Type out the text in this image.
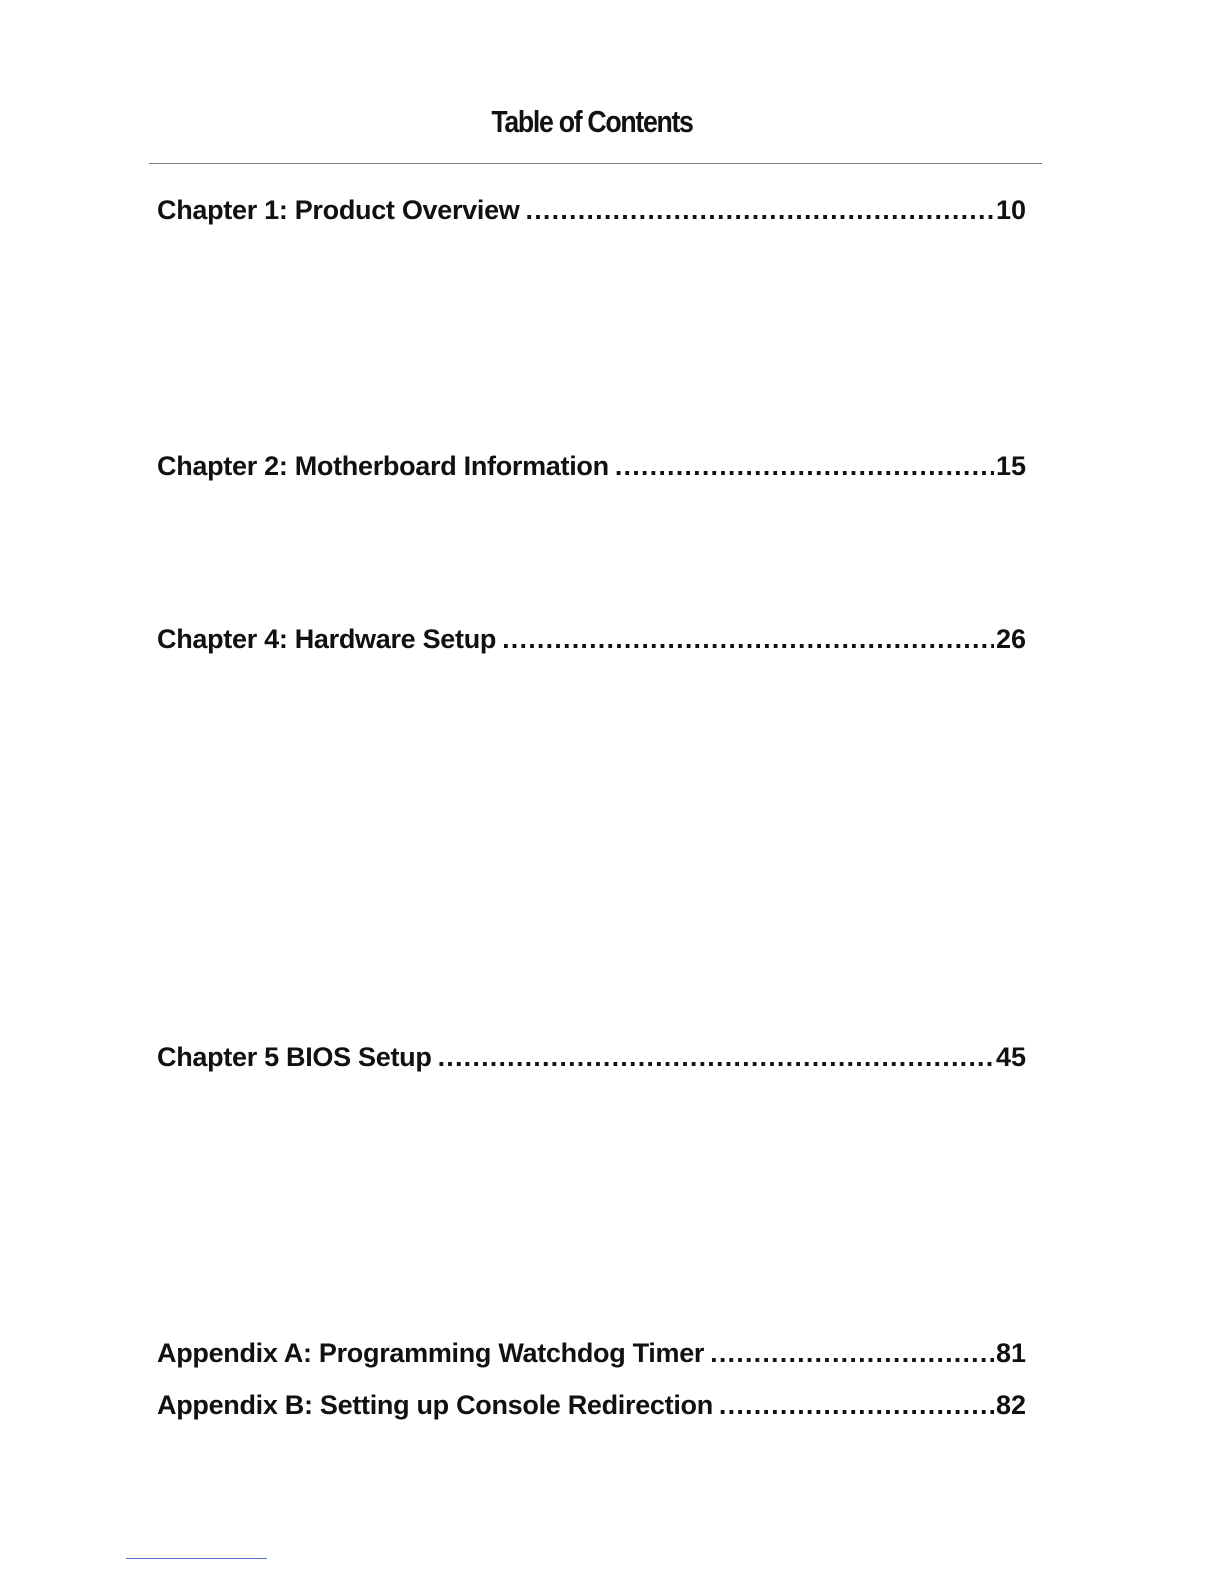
Table of Contents
Chapter 1: Product Overview .....	10
Chapter 2: Motherboard Information .....	15
Chapter 4: Hardware Setup .....	26
Chapter 5 BIOS Setup .....	45
Appendix A: Programming Watchdog Timer .....	81
Appendix B: Setting up Console Redirection .....	82
